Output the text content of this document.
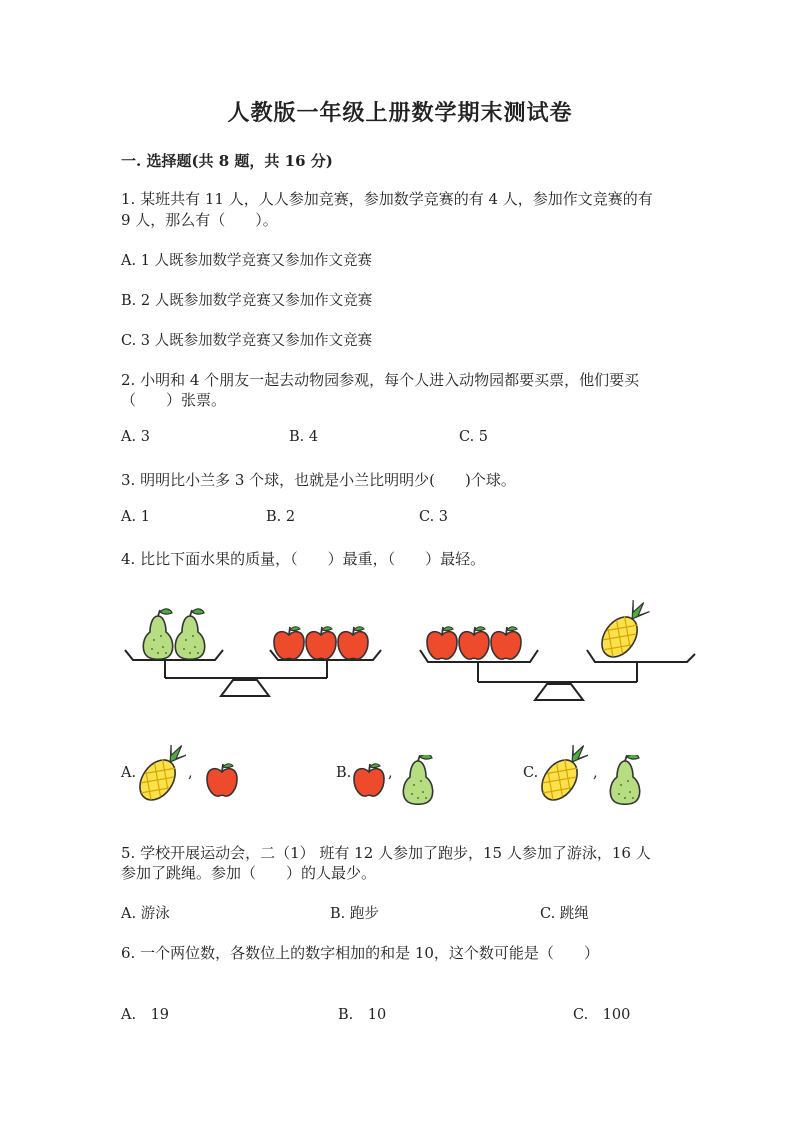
人教版一年级上册数学期末测试卷
一. 选择题(共 8 题，共 16 分)
1. 某班共有 11 人，人人参加竞赛，参加数学竞赛的有 4 人，参加作文竞赛的有
9 人，那么有（　　）。
A. 1 人既参加数学竞赛又参加作文竞赛
B. 2 人既参加数学竞赛又参加作文竞赛
C. 3 人既参加数学竞赛又参加作文竞赛
2. 小明和 4 个朋友一起去动物园参观，每个人进入动物园都要买票，他们要买
（　　）张票。
A. 3	B. 4	C. 5
3. 明明比小兰多 3 个球，也就是小兰比明明少(　　)个球。
A. 1	B. 2	C. 3
4. 比比下面水果的质量，（　　）最重，（　　）最轻。
A.	,	B.	,	C.	,
5. 学校开展运动会，二（1） 班有 12 人参加了跑步，15 人参加了游泳，16 人
参加了跳绳。参加（　　）的人最少。
A. 游泳	B. 跑步	C. 跳绳
6. 一个两位数，各数位上的数字相加的和是 10，这个数可能是（　　）
A.　19	B.　10	C.　100
